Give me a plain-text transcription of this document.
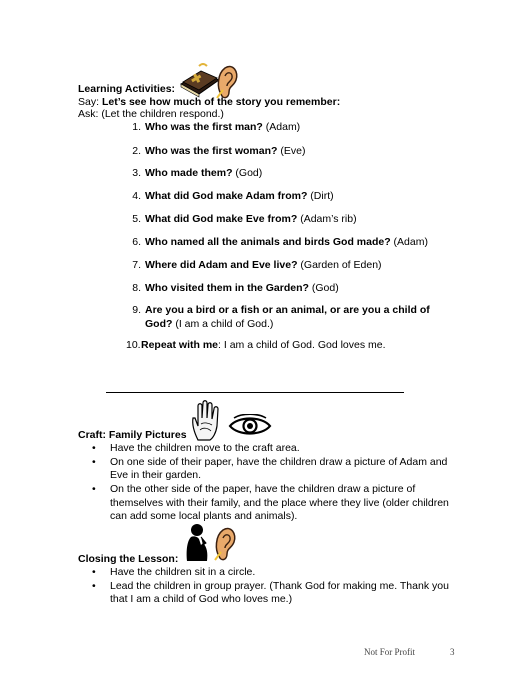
Learning Activities:
Say: Let’s see how much of the story you remember:
Ask: (Let the children respond.)
1. Who was the first man? (Adam)
2. Who was the first woman? (Eve)
3. Who made them? (God)
4. What did God make Adam from? (Dirt)
5. What did God make Eve from? (Adam’s rib)
6. Who named all the animals and birds God made? (Adam)
7. Where did Adam and Eve live? (Garden of Eden)
8. Who visited them in the Garden? (God)
9. Are you a bird or a fish or an animal, or are you a child of God? (I am a child of God.)
10. Repeat with me: I am a child of God. God loves me.
Craft: Family Pictures
• Have the children move to the craft area.
• On one side of their paper, have the children draw a picture of Adam and Eve in their garden.
• On the other side of the paper, have the children draw a picture of themselves with their family, and the place where they live (older children can add some local plants and animals).
Closing the Lesson:
• Have the children sit in a circle.
• Lead the children in group prayer. (Thank God for making me. Thank you that I am a child of God who loves me.)
Not For Profit	3
